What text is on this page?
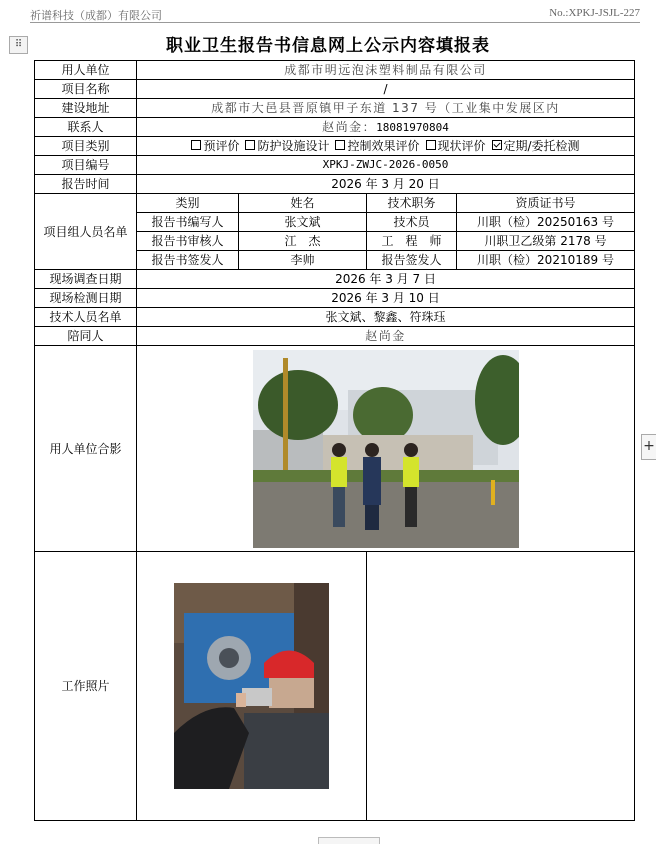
祈谱科技（成都）有限公司	No.:XPKJ-JSJL-227
⠿
+
职业卫生报告书信息网上公示内容填报表
用人单位	成都市明远泡沫塑料制品有限公司			
项目名称	/			
建设地址	成都市大邑县晋原镇甲子东道 137 号（工业集中发展区内			
联系人	赵尚金：18081970804			
项目类别	预评价 防护设施设计 控制效果评价 现状评价 定期/委托检测			
项目编号	XPKJ-ZWJC-2026-0050			
报告时间	2026 年 3 月 20 日			
项目组人员名单	类别	姓名	技术职务	资质证书号
	报告书编写人	张文斌	技术员	川职（检）20250163 号
	报告书审核人	江　杰	工　程　师	川职卫乙级第 2178 号
	报告书签发人	李帅	报告签发人	川职（检）20210189 号
现场调查日期	2026 年 3 月 7 日			
现场检测日期	2026 年 3 月 10 日			
技术人员名单	张文斌、黎鑫、符珠珏			
陪同人	赵尚金			
用人单位合影	

工作照片	
